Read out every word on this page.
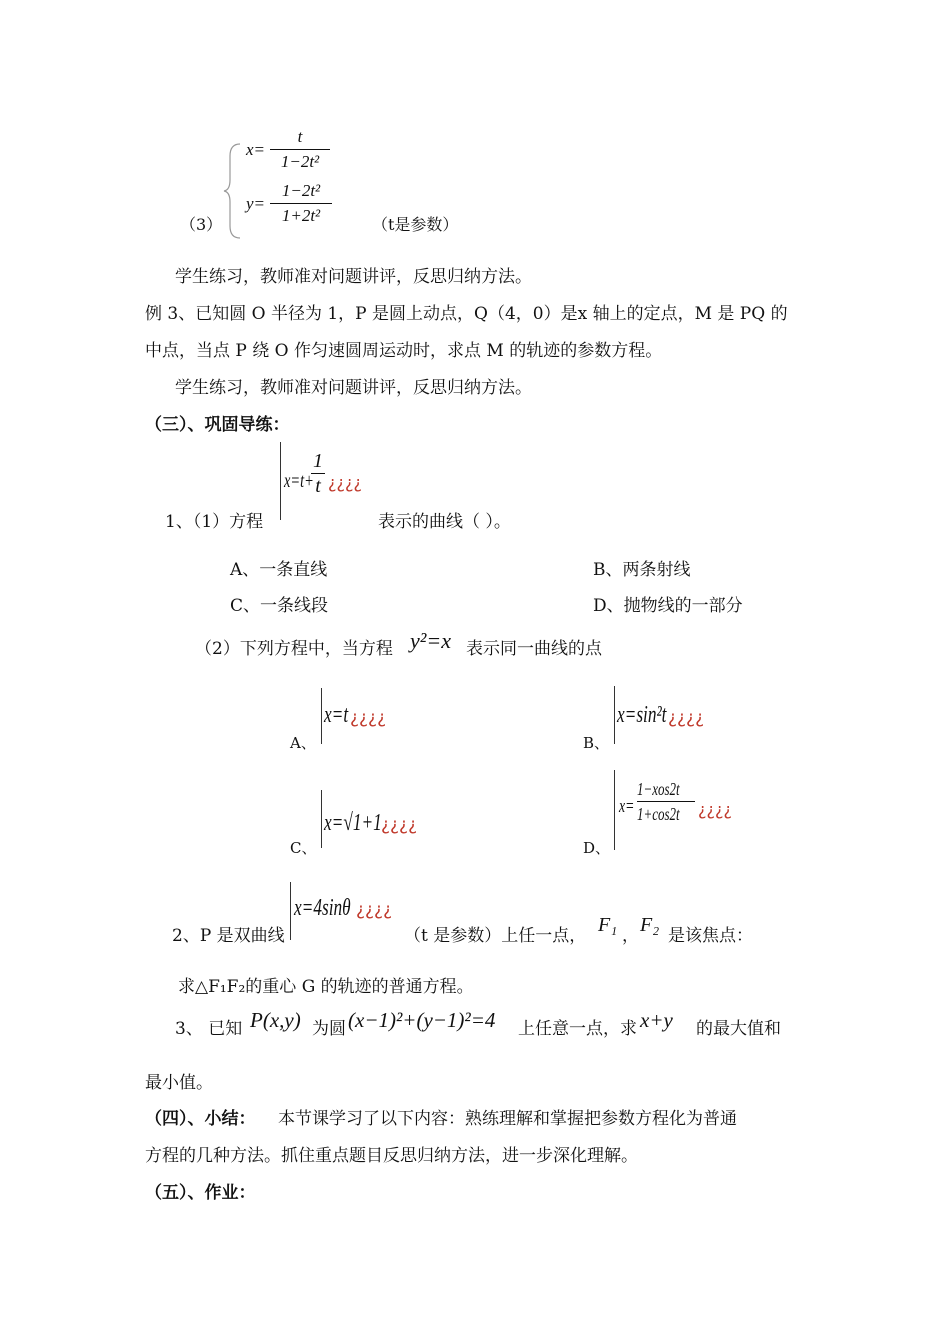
x=
t
1−2t²
y=
1−2t²
1+2t²
（3）	（t是参数）
学生练习，教师准对问题讲评，反思归纳方法。
例 3、已知圆 O 半径为 1，P 是圆上动点，Q（4，0）是x 轴上的定点，M 是 PQ 的
中点，当点 P 绕 O 作匀速圆周运动时，求点 M 的轨迹的参数方程。
学生练习，教师准对问题讲评，反思归纳方法。
（三）、巩固导练：
1、（1）方程
x=t+
1
t ¿¿¿¿
表示的曲线（ ）。
A、一条直线	B、两条射线
C、一条线段	D、抛物线的一部分
（2）下列方程中，当方程 y²=x 表示同一曲线的点
A、
x=t ¿¿¿¿
B、
x=sin²t ¿¿¿¿
C、
x=√1+1 ¿¿¿¿
D、
x=
1−xos2t
1+cos2t	¿¿¿¿
2、P 是双曲线
x=4sinθ ¿¿¿¿
（t 是参数）上任一点， F₁ ， F₂ 是该焦点：
求△F₁F₂的重心 G 的轨迹的普通方程。
3、 已知 P(x,y) 为圆 (x−1)²+(y−1)²=4 上任意一点，求 x+y 的最大值和
最小值。
（四）、小结： 本节课学习了以下内容：熟练理解和掌握把参数方程化为普通
方程的几种方法。抓住重点题目反思归纳方法，进一步深化理解。
（五）、作业：
